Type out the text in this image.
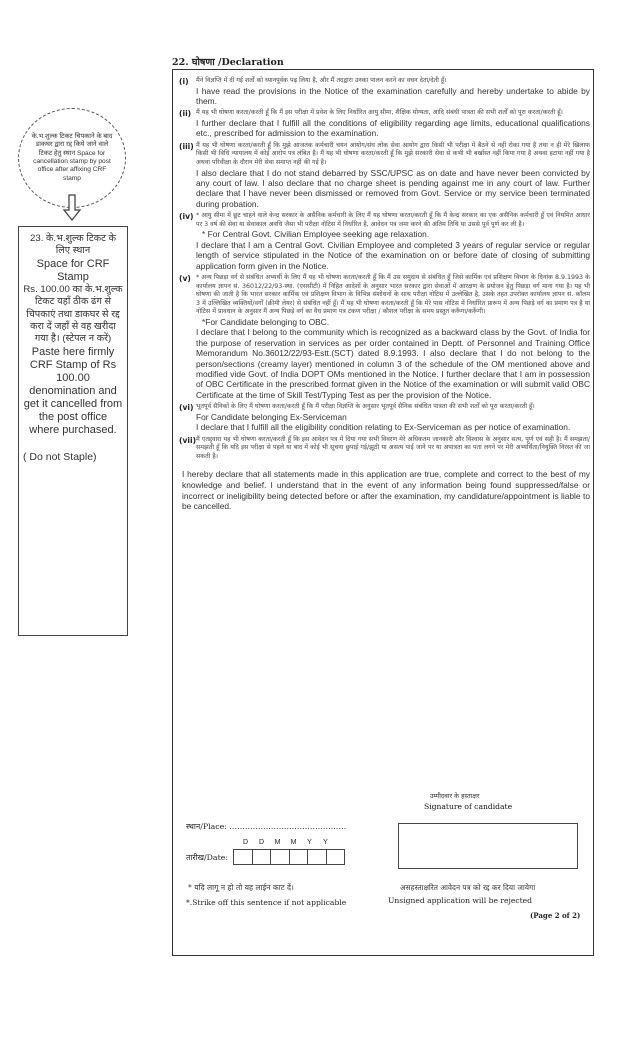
22. घोषणा /Declaration
के.भ.शुल्क टिकट चिपकाने के बाद डाकघर द्वारा रद्द किये जाने वाले टिकट हेतु स्थान Space for cancellation stamp by post office after affixing CRF stamp

23. के.भ.शुल्क टिकट के लिए स्थान

Space for CRF Stamp

Rs. 100.00 का के.भ.शुल्क टिकट यहाँ ठीक ढंग से चिपकाएं तथा डाकघर से रद्द करा दें जहाँ से वह खरीदा गया है। (स्टेपल न करें)

Paste here firmly CRF Stamp of Rs 100.00 denomination and get it cancelled from the post office where purchased.

( Do not Staple)

(i) मैंने विज्ञप्ति में दी गई शर्तों को ध्यानपूर्वक पढ़ लिया है, और मैं तदद्वारा उनका पालन करने का वचन देता/देती हूँ।
I have read the provisions in the Notice of the examination carefully and hereby undertake to abide by them.
(ii) मैं यह भी घोषणा करता/करती हूँ कि मैं इस परीक्षा में प्रवेश के लिए निर्धारित आयु सीमा, शैक्षिक योग्यता, आदि संबंधी पात्रता की सभी शर्तों को पूरा करता/करती हूँ।
I further declare that I fulfill all the conditions of eligibility regarding age limits, educational qualifications etc., prescribed for admission to the examination.
(iii) मैं यह भी घोषणा करता/करती हूँ कि मुझे आजतक कर्मचारी चयन आयोग/संघ लोक सेवा आयोग द्वारा किसी भी परीक्षा में बैठने से नहीं रोका गया है तथा न ही मेरे खिलाफ किसी भी विधि न्यायालय में कोई आरोप पत्र लंबित है। मैं यह भी घोषणा करता/करती हूँ कि मुझे सरकारी सेवा से कभी भी बर्खास्त नहीं किया गया है अथवा हटाया नहीं गया है अथवा परिवीक्षा के दौरान मेरी सेवा समाप्त नहीं की गई है।
I also declare that I do not stand debarred by SSC/UPSC as on date and have never been convicted by any court of law. I also declare that no charge sheet is pending against me in any court of law. Further declare that I have never been dismissed or removed from Govt. Service or my service been terminated during probation.
(iv) * आयु सीमा में छूट चाहने वाले केन्द्र सरकार के असैनिक कर्मचारी के लिए मैं यह घोषणा करता/करती हूँ कि मैं केन्द्र सरकार का एक असैनिक कर्मचारी हूँ एवं नियमित आधार पर 3 वर्ष की सेवा या सेवाकाल अवधि जैसा भी परीक्षा नोटिस में निर्धारित है, आवेदन पत्र जमा करने की अंतिम तिथि या उससे पूर्व पूर्ण कर ली है।
* For Central Govt. Civilian Employee seeking age relaxation.
I declare that I am a Central Govt. Civilian Employee and completed 3 years of regular service or regular length of service stipulated in the Notice of the examination on or before date of closing of submitting application form given in the Notice.
(v) * अन्य पिछड़ा वर्ग से संबंधित अभ्यर्थी के लिए मैं यह भी घोषणा करता/करती हूँ कि मैं उस समुदाय से संबंधित हूँ जिसे कार्मिक एवं प्रशिक्षण विभाग के दिनांक 8.9.1993 के कार्यालय ज्ञापन सं. 36012/22/93-स्था. (एससीटी) में निहित आदेशों के अनुसार भारत सरकार द्वारा सेवाओं में आरक्षण के प्रयोजन हेतु पिछड़ा वर्ग माना गया है। यह भी घोषणा की जाती है कि भारत सरकार कार्मिक एवं प्रशिक्षण विभाग के विभिन्न संशोधनों के साथ परीक्षा नोटिस में उल्लेखित है, उसके तहत उपरोक्त कार्यालय ज्ञापन सं. कॉलम 3 में उल्लिखित व्यक्तियों/वर्गों (क्रीमी लेयर) से संबंधित नहीं हूँ। मैं यह भी घोषणा करता/करती हूँ कि मेरे पास नोटिस में निर्धारित प्रारूप में अन्य पिछड़े वर्ग का प्रमाण पत्र है या नोटिस में प्रावधान के अनुसार मैं अन्य पिछड़े वर्ग का वैध प्रमाण पत्र टंकण परीक्षा / कौशल परीक्षा के समय प्रस्तुत करूँगा/करूँगी।
*For Candidate belonging to OBC.
I declare that I belong to the community which is recognized as a backward class by the Govt. of India for the purpose of reservation in services as per order contained in Deptt. of Personnel and Training Office Memorandum No.36012/22/93-Estt.(SCT) dated 8.9.1993. I also declare that I do not belong to the person/sections (creamy layer) mentioned in column 3 of the schedule of the OM mentioned above and modified vide Govt. of India DOPT OMs mentioned in the Notice. I further declare that I am in possession of OBC Certificate in the prescribed format given in the Notice of the examination or will submit valid OBC Certificate at the time of Skill Test/Typing Test as per the provision of the Notice.
(vi) भूतपूर्व सैनिकों के लिए मैं घोषणा करता/करती हूँ कि मैं परीक्षा विज्ञप्ति के अनुसार भूतपूर्व सैनिक संबंधित पात्रता की सभी शर्तों को पूरा करता/करती हूँ।
For Candidate belonging Ex-Serviceman
I declare that I fulfill all the eligibility condition relating to Ex-Serviceman as per notice of examination.
(vii) मैं एतद्द्वारा यह भी घोषणा करता/करती हूँ कि इस आवेदन पत्र में दिया गया सभी विवरण मेरे अधिकतम जानकारी और विश्वास के अनुसार सत्य, पूर्ण एवं सही है। मैं समझता/समझती हूँ कि यदि इस परीक्षा से पहले या बाद में कोई भी सूचना छुपाई गई/झूठी या असत्य पाई जाने पर या अपात्रता का पता लगने पर मेरी अभ्यर्थिता/नियुक्ति निरस्त की जा सकती है।
I hereby declare that all statements made in this application are true, complete and correct to the best of my knowledge and belief. I understand that in the event of any information being found suppressed/false or incorrect or ineligibility being detected before or after the examination, my candidature/appointment is liable to be cancelled.
उम्मीदवार के हस्ताक्षर
Signature of candidate
स्थान/Place: ………………………………………
D D M M Y Y
तारीख/Date:
* यदि लागू न हो तो यह लाईन काट दें।
*.Strike off this sentence if not applicable
असहस्ताक्षरित आवेदन पत्र को रद्द कर दिया जायेगा
Unsigned application will be rejected
(Page 2 of 2)
